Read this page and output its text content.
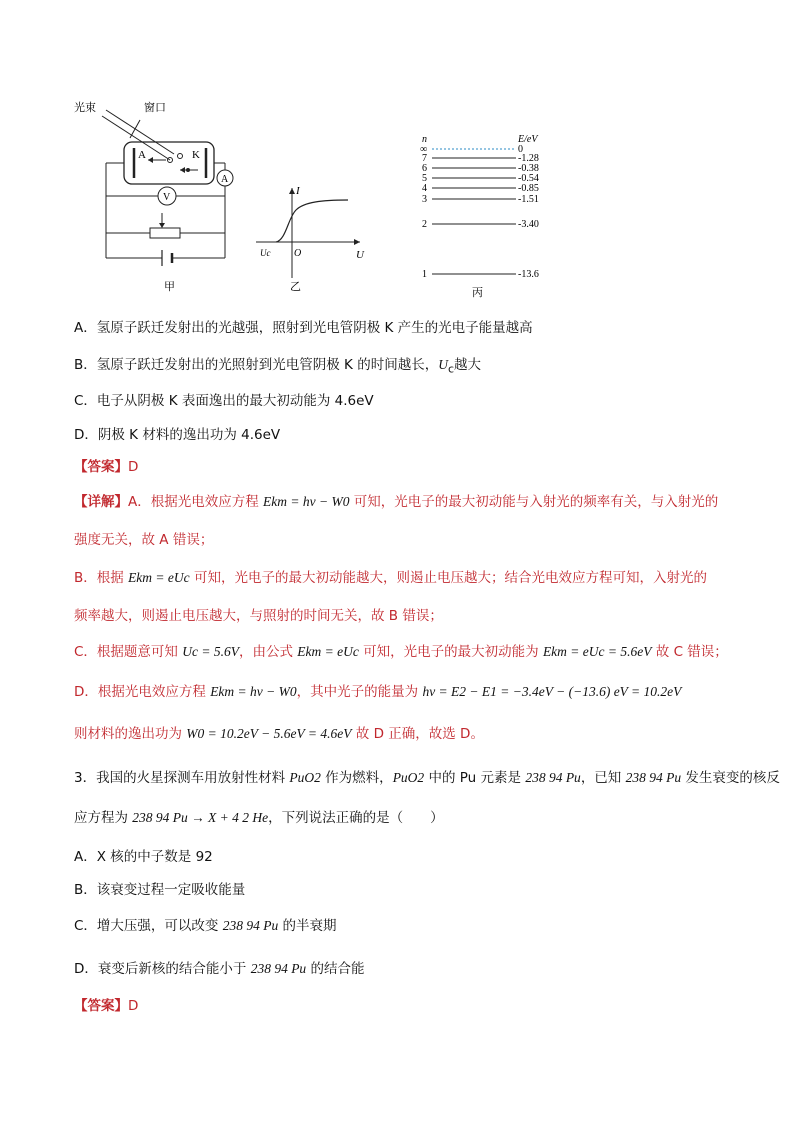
光束	窗口
A	K
A
V
甲
I
U
O
Uc
乙
n	E/eV
∞	0
7	-1.28
6	-0.38
5	-0.54
4	-0.85
3	-1.51
2	-3.40
1	-13.6
丙
A．氢原子跃迁发射出的光越强，照射到光电管阴极 K 产生的光电子能量越高
B．氢原子跃迁发射出的光照射到光电管阴极 K 的时间越长，$U_c$越大
C．电子从阴极 K 表面逸出的最大初动能为 4.6eV
D．阴极 K 材料的逸出功为 4.6eV
【答案】D
【详解】A．根据光电效应方程 Ekm = hν − W0 可知，光电子的最大初动能与入射光的频率有关，与入射光的
强度无关，故 A 错误；
B．根据 Ekm = eUc 可知，光电子的最大初动能越大，则遏止电压越大；结合光电效应方程可知，入射光的
频率越大，则遏止电压越大，与照射的时间无关，故 B 错误；
C．根据题意可知 Uc = 5.6V，由公式 Ekm = eUc 可知，光电子的最大初动能为 Ekm = eUc = 5.6eV 故 C 错误；
D．根据光电效应方程 Ekm = hν − W0，其中光子的能量为 hν = E2 − E1 = −3.4eV − (−13.6) eV = 10.2eV
则材料的逸出功为 W0 = 10.2eV − 5.6eV = 4.6eV 故 D 正确，故选 D。
3．我国的火星探测车用放射性材料 PuO2 作为燃料，PuO2 中的 Pu 元素是 238 94 Pu，已知 238 94 Pu 发生衰变的核反
应方程为 238 94 Pu → X + 4 2 He，下列说法正确的是（　　）
A．X 核的中子数是 92
B．该衰变过程一定吸收能量
C．增大压强，可以改变 238 94 Pu 的半衰期
D．衰变后新核的结合能小于 238 94 Pu 的结合能
【答案】D
